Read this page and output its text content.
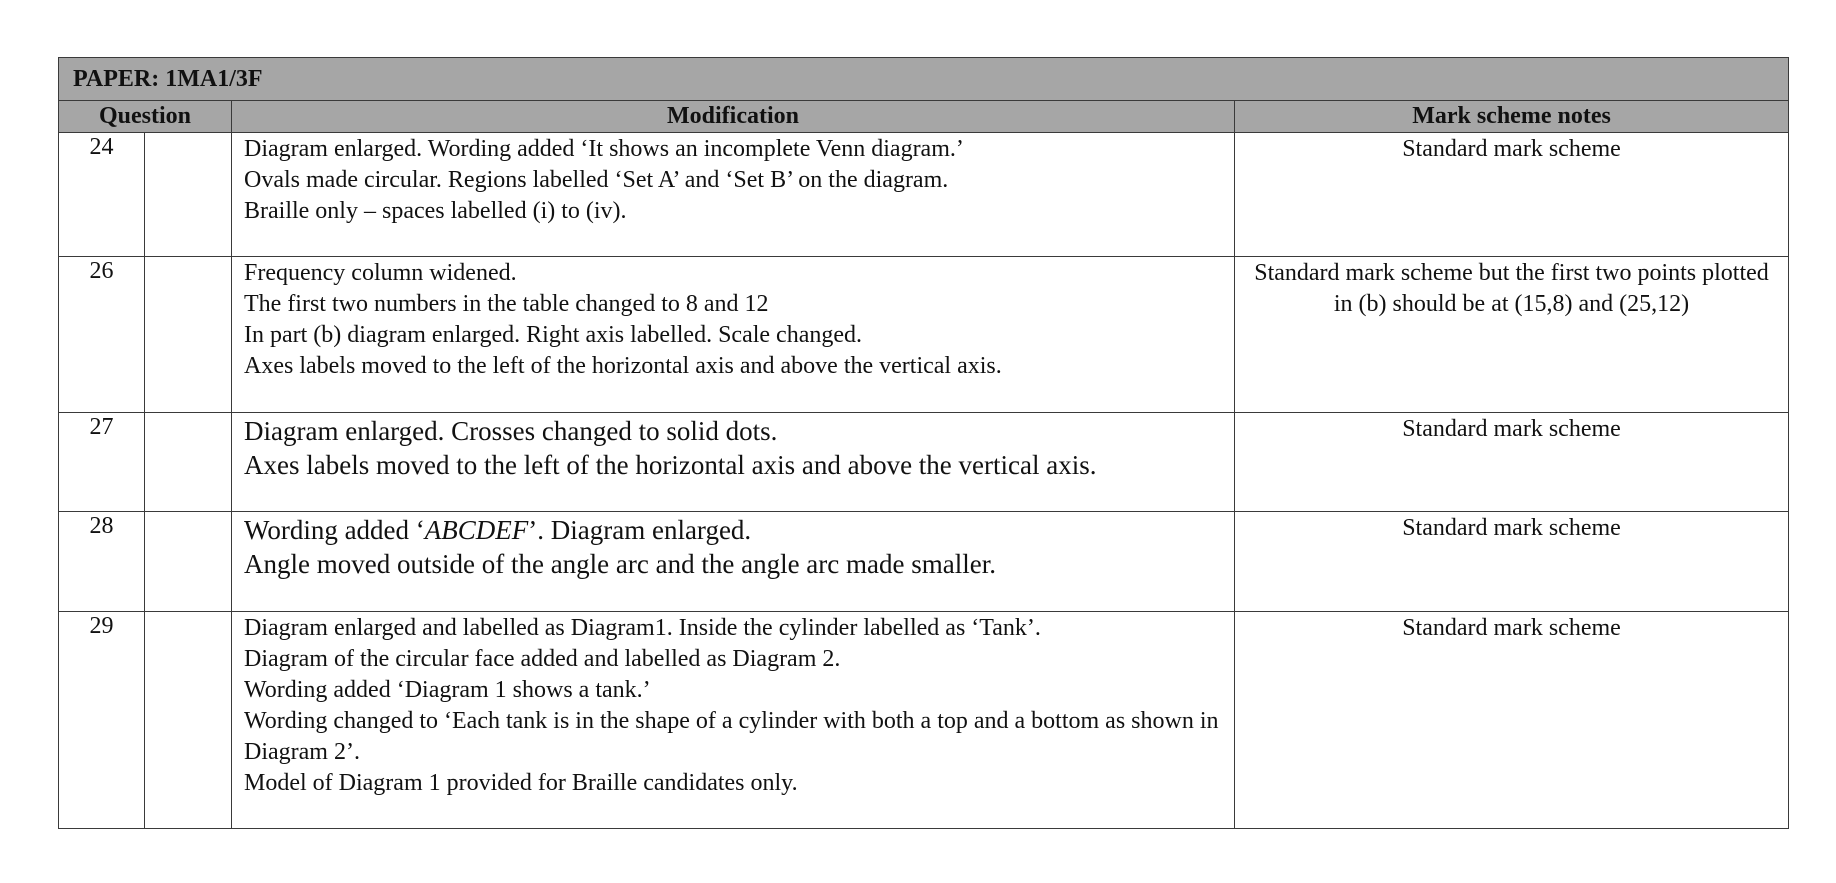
PAPER: 1MA1/3F			
Question		Modification	Mark scheme notes
24		Diagram enlarged. Wording added ‘It shows an incomplete Venn diagram.’
Ovals made circular. Regions labelled ‘Set A’ and ‘Set B’ on the diagram.
Braille only – spaces labelled (i) to (iv).	Standard mark scheme
26		Frequency column widened.
The first two numbers in the table changed to 8 and 12
In part (b) diagram enlarged. Right axis labelled. Scale changed.
Axes labels moved to the left of the horizontal axis and above the vertical axis.	Standard mark scheme but the first two points plotted in (b) should be at (15,8) and (25,12)
27		Diagram enlarged. Crosses changed to solid dots.
Axes labels moved to the left of the horizontal axis and above the vertical axis.	Standard mark scheme
28		Wording added ‘ABCDEF’. Diagram enlarged.
Angle moved outside of the angle arc and the angle arc made smaller.	Standard mark scheme
29		Diagram enlarged and labelled as Diagram1. Inside the cylinder labelled as ‘Tank’.
Diagram of the circular face added and labelled as Diagram 2.
Wording added ‘Diagram 1 shows a tank.’
Wording changed to ‘Each tank is in the shape of a cylinder with both a top and a bottom as shown in Diagram 2’.
Model of Diagram 1 provided for Braille candidates only.	Standard mark scheme
